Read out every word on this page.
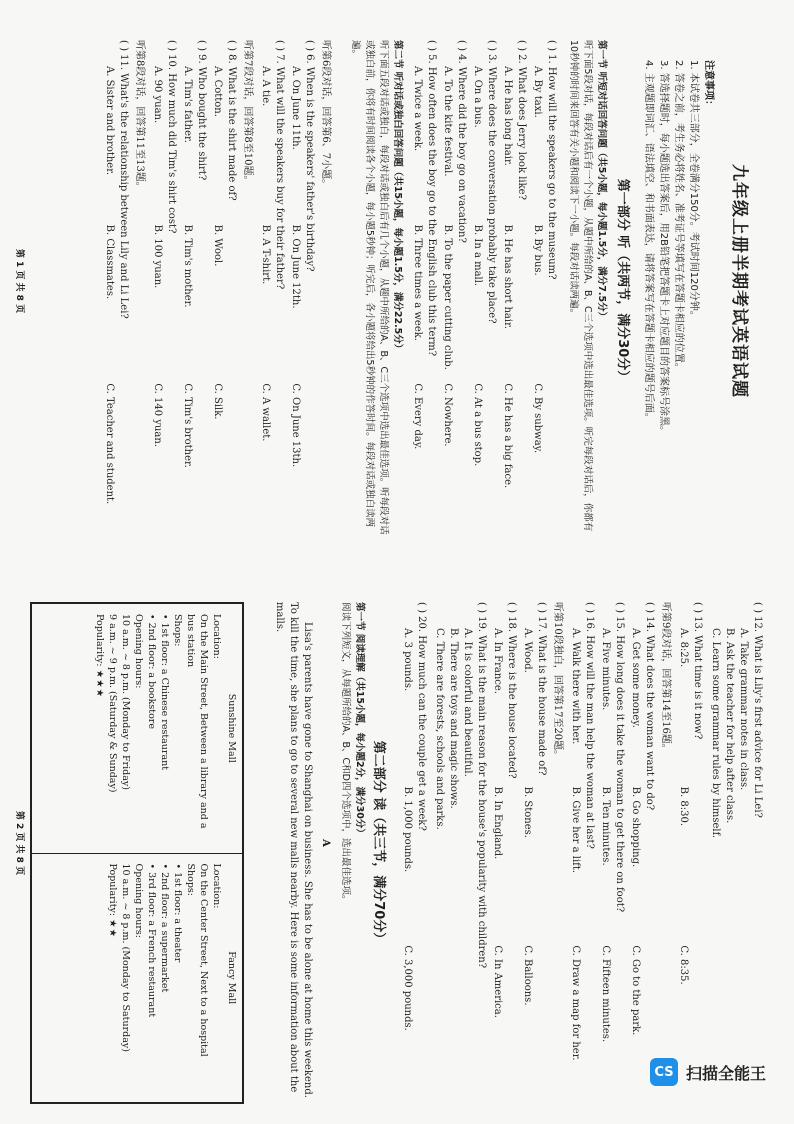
九年级上册半期考试英语试题
注意事项：
1. 本试卷共三部分，全卷满分150分。考试时间120分钟。
2. 答卷之前，考生务必将姓名、准考证号等填写在答题卡相应的位置。
3. 答选择题时，每小题选出答案后，用2B铅笔把答题卡上对应题目的答案标号涂黑。
4. 主观题即词汇、语法填空、和书面表达，请将答案写在答题卡相应的题号后面。
第一部分 听（共两节，满分30分）
第一节 听短对话回答问题（共5小题，每小题1.5分，满分7.5分）
听下面5段对话，每段对话后有一个小题，从题中所给的A、B、C三个选项中选出最佳选项。听完每段对话后，你都有10秒钟的时间来回答有关小题和阅读下一小题。每段对话读两遍。
( ) 1. How will the speakers go to the museum?
A. By taxi.
B. By bus.
C. By subway.
( ) 2. What does Jerry look like?
A. He has long hair.
B. He has short hair.
C. He has a big face.
( ) 3. Where does the conversation probably take place?
A. On a bus.
B. In a mall.
C. At a bus stop.
( ) 4. Where did the boy go on vacation?
A. To the kite festival.
B. To the paper cutting club.
C. Nowhere.
( ) 5. How often does the boy go to the English club this term?
A. Twice a week.
B. Three times a week.
C. Every day.
第二节 听对话或独白回答问题（共15小题，每小题1.5分，满分22.5分）
听下面五段对话或独白，每段对话或独白后有几个小题，从题中所给的A、B、C三个选项中选出最佳选项。听每段对话或独白前，你将有时间阅读各个小题，每小题5秒钟；听完后，各小题将给出5秒钟的作答时间。每段对话或独白读两遍。
听第6段对话，回答第6、7小题。
( ) 6. When is the speakers' father's birthday?
A. On June 11th.
B. On June 12th.
C. On June 13th.
( ) 7. What will the speakers buy for their father?
A. A tie.
B. A T-shirt.
C. A wallet.
听第7段对话，回答第8至10题。
( ) 8. What is the shirt made of?
A. Cotton.
B. Wool.
C. Silk.
( ) 9. Who bought the shirt?
A. Tim's father.
B. Tim's mother.
C. Tim's brother.
( ) 10. How much did Tim's shirt cost?
A. 90 yuan.
B. 100 yuan.
C. 140 yuan.
听第8段对话，回答第11至13题。
( ) 11. What's the relationship between Lily and Li Lei?
A. Sister and brother.
B. Classmates.
C. Teacher and student.
第 1 页 共 8 页
( ) 12. What is Lily's first advice for Li Lei?
A. Take grammar notes in class.
B. Ask the teacher for help after class.
C. Learn some grammar rules by himself.
( ) 13. What time is it now?
A. 8:25.
B. 8:30.
C. 8:35.
听第9段对话，回答第14至16题。
( ) 14. What does the woman want to do?
A. Get some money.
B. Go shopping.
C. Go to the park.
( ) 15. How long does it take the woman to get there on foot?
A. Five minutes.
B. Ten minutes.
C. Fifteen minutes.
( ) 16. How will the man help the woman at last?
A. Walk there with her.
B. Give her a lift.
C. Draw a map for her.
听第10段独白，回答第17至20题。
( ) 17. What is the house made of?
A. Wood.
B. Stones.
C. Balloons.
( ) 18. Where is the house located?
A. In France.
B. In England.
C. In America.
( ) 19. What is the main reason for the house's popularity with children?
A. It is colorful and beautiful.
B. There are toys and magic shows.
C. There are forests, schools and parks.
( ) 20. How much can the couple get a week?
A. 3 pounds.
B. 1,000 pounds.
C. 3,000 pounds.
第二部分 读（共三节，满分70分）
第一节 阅读理解（共15小题，每小题2分，满分30分）
阅读下列短文，从每题所给的A、B、C和D四个选项中，选出最佳选项。
A
Lisa's parents have gone to Shanghai on business. She has to be alone at home this weekend. To kill the time, she plans to go to several new malls nearby. Here is some information about the malls.
Sunshine Mall
Location:
On the Main Street, Between a library and a bus station
Shops:
• 1st floor: a Chinese restaurant
• 2nd floor: a bookstore
Opening hours:
10 a.m. ~ 8 p.m. (Monday to Friday)
9 a.m. ~ 9 p.m. (Saturday & Sunday)
Popularity: ★★★
Fancy Mall
Location:
On the Center Street, Next to a hospital
Shops:
• 1st floor: a theater
• 2nd floor: a supermarket
• 3rd floor: a French restaurant
Opening hours:
10 a.m. ~ 8 p.m. (Monday to Saturday)
Popularity: ★★
第 2 页 共 8 页
CS 扫描全能王
